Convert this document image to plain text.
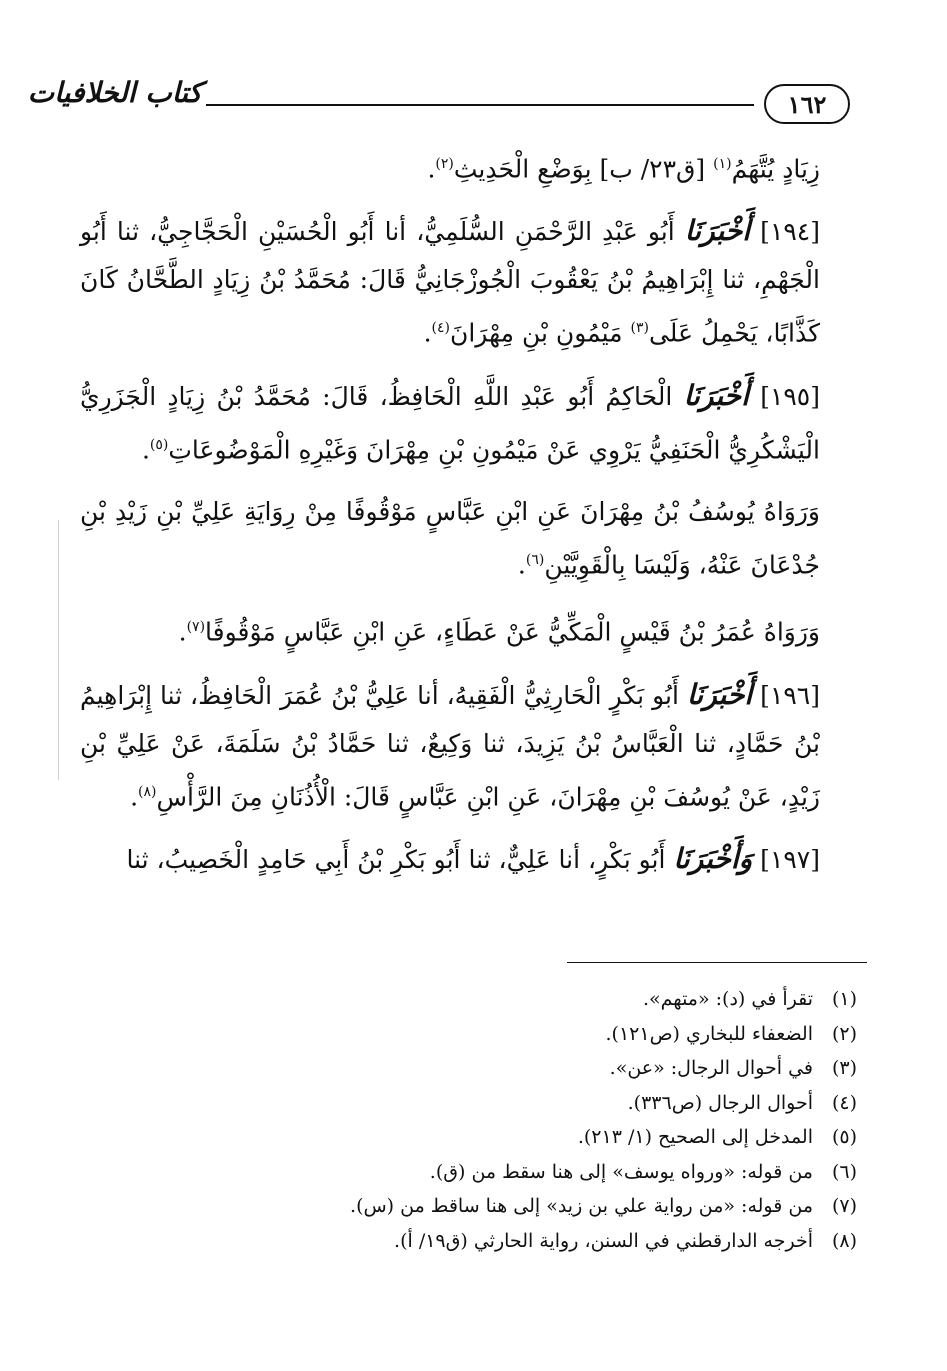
١٦٢
كتاب الخلافيات

زِيَادٍ يُتَّهَمُ$^{(١)}$ [ق٢٣/ ب] بِوَضْعِ الْحَدِيثِ$^{(٢)}$.

[١٩٤] أَخْبَرَنَا أَبُو عَبْدِ الرَّحْمَنِ السُّلَمِيُّ، أنا أَبُو الْحُسَيْنِ الْحَجَّاجِيُّ، ثنا أَبُو الْجَهْمِ، ثنا إِبْرَاهِيمُ بْنُ يَعْقُوبَ الْجُوزْجَانِيُّ قَالَ: مُحَمَّدُ بْنُ زِيَادٍ الطَّحَّانُ كَانَ كَذَّابًا، يَحْمِلُ عَلَى$^{(٣)}$ مَيْمُونِ بْنِ مِهْرَانَ$^{(٤)}$.

[١٩٥] أَخْبَرَنَا الْحَاكِمُ أَبُو عَبْدِ اللَّهِ الْحَافِظُ، قَالَ: مُحَمَّدُ بْنُ زِيَادٍ الْجَزَرِيُّ الْيَشْكُرِيُّ الْحَنَفِيُّ يَرْوِي عَنْ مَيْمُونِ بْنِ مِهْرَانَ وَغَيْرِهِ الْمَوْضُوعَاتِ$^{(٥)}$.

وَرَوَاهُ يُوسُفُ بْنُ مِهْرَانَ عَنِ ابْنِ عَبَّاسٍ مَوْقُوفًا مِنْ رِوَايَةِ عَلِيِّ بْنِ زَيْدِ بْنِ جُدْعَانَ عَنْهُ، وَلَيْسَا بِالْقَوِيَّيْنِ$^{(٦)}$.

وَرَوَاهُ عُمَرُ بْنُ قَيْسٍ الْمَكِّيُّ عَنْ عَطَاءٍ، عَنِ ابْنِ عَبَّاسٍ مَوْقُوفًا$^{(٧)}$.

[١٩٦] أَخْبَرَنَا أَبُو بَكْرٍ الْحَارِثِيُّ الْفَقِيهُ، أنا عَلِيُّ بْنُ عُمَرَ الْحَافِظُ، ثنا إِبْرَاهِيمُ بْنُ حَمَّادٍ، ثنا الْعَبَّاسُ بْنُ يَزِيدَ، ثنا وَكِيعٌ، ثنا حَمَّادُ بْنُ سَلَمَةَ، عَنْ عَلِيِّ بْنِ زَيْدٍ، عَنْ يُوسُفَ بْنِ مِهْرَانَ، عَنِ ابْنِ عَبَّاسٍ قَالَ: الْأُذُنَانِ مِنَ الرَّأْسِ$^{(٨)}$.

[١٩٧] وَأَخْبَرَنَا أَبُو بَكْرٍ، أنا عَلِيٌّ، ثنا أَبُو بَكْرِ بْنُ أَبِي حَامِدٍ الْخَصِيبُ، ثنا

(١)تقرأ في (د): «متهم».
(٢)الضعفاء للبخاري (ص١٢١).
(٣)في أحوال الرجال: «عن».
(٤)أحوال الرجال (ص٣٣٦).
(٥)المدخل إلى الصحيح (١/ ٢١٣).
(٦)من قوله: «ورواه يوسف» إلى هنا سقط من (ق).
(٧)من قوله: «من رواية علي بن زيد» إلى هنا ساقط من (س).
(٨)أخرجه الدارقطني في السنن، رواية الحارثي (ق١٩/ أ).
